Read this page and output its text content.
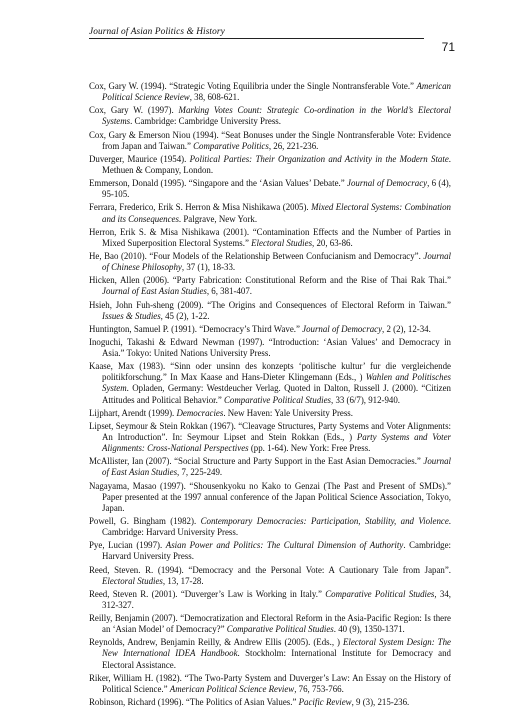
Journal of Asian Politics & History
71
Cox, Gary W. (1994). “Strategic Voting Equilibria under the Single Nontransferable Vote.” American Political Science Review, 38, 608-621.
Cox, Gary W. (1997). Marking Votes Count: Strategic Co-ordination in the World’s Electoral Systems. Cambridge: Cambridge University Press.
Cox, Gary & Emerson Niou (1994). “Seat Bonuses under the Single Nontransferable Vote: Evidence from Japan and Taiwan.” Comparative Politics, 26, 221-236.
Duverger, Maurice (1954). Political Parties: Their Organization and Activity in the Modern State. Methuen & Company, London.
Emmerson, Donald (1995). “Singapore and the ‘Asian Values’ Debate.” Journal of Democracy, 6 (4), 95-105.
Ferrara, Frederico, Erik S. Herron & Misa Nishikawa (2005). Mixed Electoral Systems: Combination and its Consequences. Palgrave, New York.
Herron, Erik S. & Misa Nishikawa (2001). “Contamination Effects and the Number of Parties in Mixed Superposition Electoral Systems.” Electoral Studies, 20, 63-86.
He, Bao (2010). “Four Models of the Relationship Between Confucianism and Democracy”. Journal of Chinese Philosophy, 37 (1), 18-33.
Hicken, Allen (2006). “Party Fabrication: Constitutional Reform and the Rise of Thai Rak Thai.” Journal of East Asian Studies, 6, 381-407.
Hsieh, John Fuh-sheng (2009). “The Origins and Consequences of Electoral Reform in Taiwan.” Issues & Studies, 45 (2), 1-22.
Huntington, Samuel P. (1991). “Democracy’s Third Wave.” Journal of Democracy, 2 (2), 12-34.
Inoguchi, Takashi & Edward Newman (1997). “Introduction: ‘Asian Values’ and Democracy in Asia.” Tokyo: United Nations University Press.
Kaase, Max (1983). “Sinn oder unsinn des konzepts ‘politische kultur’ fur die vergleichende politikforschung.” In Max Kaase and Hans-Dieter Klingemann (Eds., ) Wahlen and Politisches System. Opladen, Germany: Westdeucher Verlag. Quoted in Dalton, Russell J. (2000). “Citizen Attitudes and Political Behavior.” Comparative Political Studies, 33 (6/7), 912-940.
Lijphart, Arendt (1999). Democracies. New Haven: Yale University Press.
Lipset, Seymour & Stein Rokkan (1967). “Cleavage Structures, Party Systems and Voter Alignments: An Introduction”. In: Seymour Lipset and Stein Rokkan (Eds., ) Party Systems and Voter Alignments: Cross-National Perspectives (pp. 1-64). New York: Free Press.
McAllister, Ian (2007). “Social Structure and Party Support in the East Asian Democracies.” Journal of East Asian Studies, 7, 225-249.
Nagayama, Masao (1997). “Shousenkyoku no Kako to Genzai (The Past and Present of SMDs).” Paper presented at the 1997 annual conference of the Japan Political Science Association, Tokyo, Japan.
Powell, G. Bingham (1982). Contemporary Democracies: Participation, Stability, and Violence. Cambridge: Harvard University Press.
Pye, Lucian (1997). Asian Power and Politics: The Cultural Dimension of Authority. Cambridge: Harvard University Press.
Reed, Steven. R. (1994). “Democracy and the Personal Vote: A Cautionary Tale from Japan”. Electoral Studies, 13, 17-28.
Reed, Steven R. (2001). “Duverger’s Law is Working in Italy.” Comparative Political Studies, 34, 312-327.
Reilly, Benjamin (2007). “Democratization and Electoral Reform in the Asia-Pacific Region: Is there an ‘Asian Model’ of Democracy?” Comparative Political Studies. 40 (9), 1350-1371.
Reynolds, Andrew, Benjamin Reilly, & Andrew Ellis (2005). (Eds., ) Electoral System Design: The New International IDEA Handbook. Stockholm: International Institute for Democracy and Electoral Assistance.
Riker, William H. (1982). “The Two-Party System and Duverger’s Law: An Essay on the History of Political Science.” American Political Science Review, 76, 753-766.
Robinson, Richard (1996). “The Politics of Asian Values.” Pacific Review, 9 (3), 215-236.
